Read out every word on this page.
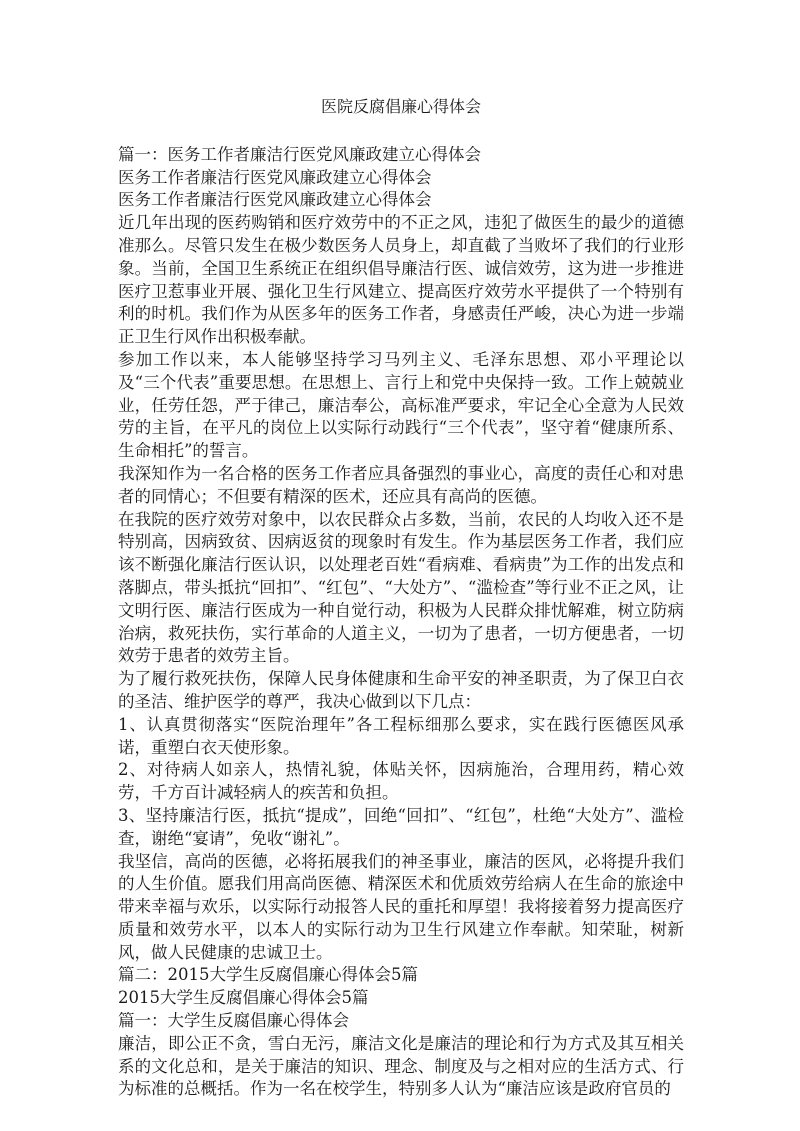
医院反腐倡廉心得体会

篇一：医务工作者廉洁行医党风廉政建立心得体会

医务工作者廉洁行医党风廉政建立心得体会

医务工作者廉洁行医党风廉政建立心得体会

近几年出现的医药购销和医疗效劳中的不正之风，违犯了做医生的最少的道德准那么。尽管只发生在极少数医务人员身上，却直截了当败坏了我们的行业形象。当前，全国卫生系统正在组织倡导廉洁行医、诚信效劳，这为进一步推进医疗卫惹事业开展、强化卫生行风建立、提高医疗效劳水平提供了一个特别有利的时机。我们作为从医多年的医务工作者，身感责任严峻，决心为进一步端正卫生行风作出积极奉献。

参加工作以来，本人能够坚持学习马列主义、毛泽东思想、邓小平理论以及“三个代表”重要思想。在思想上、言行上和党中央保持一致。工作上兢兢业业，任劳任怨，严于律己，廉洁奉公，高标准严要求，牢记全心全意为人民效劳的主旨，在平凡的岗位上以实际行动践行“三个代表”，坚守着“健康所系、生命相托”的誓言。

我深知作为一名合格的医务工作者应具备强烈的事业心，高度的责任心和对患者的同情心；不但要有精深的医术，还应具有高尚的医德。

在我院的医疗效劳对象中，以农民群众占多数，当前，农民的人均收入还不是特别高，因病致贫、因病返贫的现象时有发生。作为基层医务工作者，我们应该不断强化廉洁行医认识，以处理老百姓“看病难、看病贵”为工作的出发点和落脚点，带头抵抗“回扣”、“红包”、“大处方”、“滥检查”等行业不正之风，让文明行医、廉洁行医成为一种自觉行动，积极为人民群众排忧解难，树立防病治病，救死扶伤，实行革命的人道主义，一切为了患者，一切方便患者，一切效劳于患者的效劳主旨。

为了履行救死扶伤，保障人民身体健康和生命平安的神圣职责，为了保卫白衣的圣洁、维护医学的尊严，我决心做到以下几点：

1、认真贯彻落实“医院治理年”各工程标细那么要求，实在践行医德医风承诺，重塑白衣天使形象。

2、对待病人如亲人，热情礼貌，体贴关怀，因病施治，合理用药，精心效劳，千方百计减轻病人的疾苦和负担。

3、坚持廉洁行医，抵抗“提成”，回绝“回扣”、“红包”，杜绝“大处方”、滥检查，谢绝“宴请”，免收“谢礼”。

我坚信，高尚的医德，必将拓展我们的神圣事业，廉洁的医风，必将提升我们的人生价值。愿我们用高尚医德、精深医术和优质效劳给病人在生命的旅途中带来幸福与欢乐，以实际行动报答人民的重托和厚望！我将接着努力提高医疗质量和效劳水平，以本人的实际行动为卫生行风建立作奉献。知荣耻，树新风，做人民健康的忠诚卫士。

篇二：2015大学生反腐倡廉心得体会5篇

2015大学生反腐倡廉心得体会5篇

篇一：大学生反腐倡廉心得体会

廉洁，即公正不贪，雪白无污，廉洁文化是廉洁的理论和行为方式及其互相关系的文化总和，是关于廉洁的知识、理念、制度及与之相对应的生活方式、行为标准的总概括。作为一名在校学生，特别多人认为“廉洁应该是政府官员的
